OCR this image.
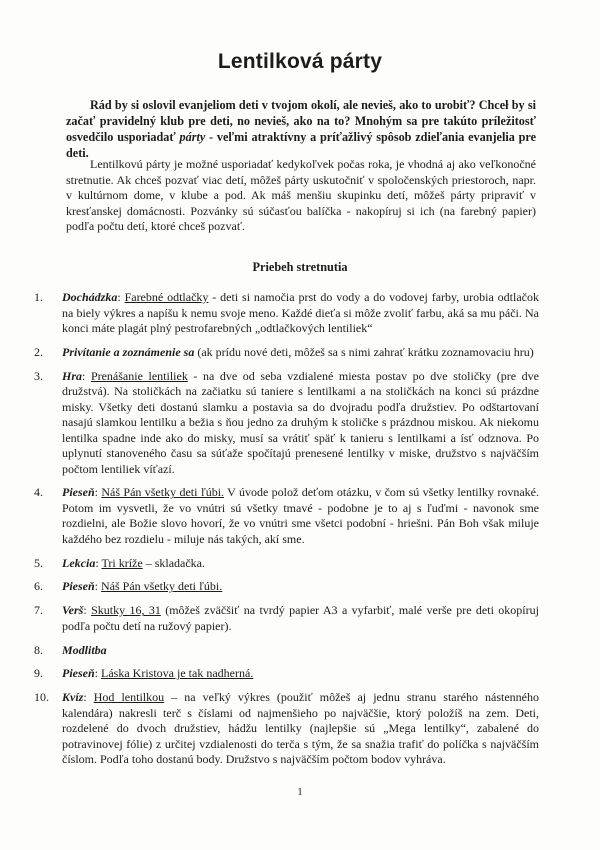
Lentilková párty

Rád by si oslovil evanjeliom deti v tvojom okolí, ale nevieš, ako to urobiť? Chceł by si začať pravidelný klub pre deti, no nevieš, ako na to? Mnohým sa pre takúto príležitosť osvedčilo usporiadať párty - veľmi atraktívny a príťažlivý spôsob zdieľania evanjelia pre deti.

Lentilkovú párty je možné usporiadať kedykoľvek počas roka, je vhodná aj ako veľkonočné stretnutie. Ak chceš pozvať viac detí, môžeš párty uskutočniť v spoločenských priestoroch, napr. v kultúrnom dome, v klube a pod. Ak máš menšiu skupinku detí, môžeš párty pripraviť v kresťanskej domácnosti. Pozvánky sú súčasťou balíčka - nakopíruj si ich (na farebný papier) podľa počtu detí, ktoré chceš pozvať.

Priebeh stretnutia
1.	Dochádzka: Farebné odtlačky - deti si namočia prst do vody a do vodovej farby, urobia odtlačok na biely výkres a napíšu k nemu svoje meno. Každé dieťa si môže zvoliť farbu, aká sa mu páči. Na konci máte plagát plný pestrofarebných „odtlačkových lentiliek“
2.	Privítanie a zoznámenie sa (ak prídu nové deti, môžeš sa s nimi zahrať krátku zoznamovaciu hru)
3.	Hra: Prenášanie lentiliek - na dve od seba vzdialené miesta postav po dve stoličky (pre dve družstvá). Na stoličkách na začiatku sú taniere s lentilkami a na stoličkách na konci sú prázdne misky. Všetky deti dostanú slamku a postavia sa do dvojradu podľa družstiev. Po odštartovaní nasajú slamkou lentilku a bežia s ňou jedno za druhým k stoličke s prázdnou miskou. Ak niekomu lentilka spadne inde ako do misky, musí sa vrátiť späť k tanieru s lentilkami a ísť odznova. Po uplynutí stanoveného času sa súťaže spočítajú prenesené lentilky v miske, družstvo s najväčším počtom lentiliek víťazí.
4.	Pieseň: Náš Pán všetky deti ľúbi. V úvode polož deťom otázku, v čom sú všetky lentilky rovnaké. Potom im vysvetli, že vo vnútri sú všetky tmavé - podobne je to aj s ľuďmi - navonok sme rozdielni, ale Božie slovo hovorí, že vo vnútri sme všetci podobní - hriešni. Pán Boh však miluje každého bez rozdielu - miluje nás takých, akí sme.
5.	Lekcia: Tri kríže – skladačka.
6.	Pieseň: Náš Pán všetky deti ľúbi.
7.	Verš: Skutky 16, 31 (môžeš zväčšiť na tvrdý papier A3 a vyfarbiť, malé verše pre deti okopíruj podľa počtu detí na ružový papier).
8.	Modlitba
9.	Pieseň: Láska Kristova je tak nadherná.
10.	Kvíz: Hod lentilkou – na veľký výkres (použiť môžeš aj jednu stranu starého nástenného kalendára) nakresli terč s číslami od najmenšieho po najväčšie, ktorý položíš na zem. Deti, rozdelené do dvoch družstiev, hádžu lentilky (najlepšie sú „Mega lentilky“, zabalené do potravinovej fólie) z určitej vzdialenosti do terča s tým, že sa snažia trafiť do políčka s najväčším číslom. Podľa toho dostanú body. Družstvo s najväčším počtom bodov vyhráva.
1
